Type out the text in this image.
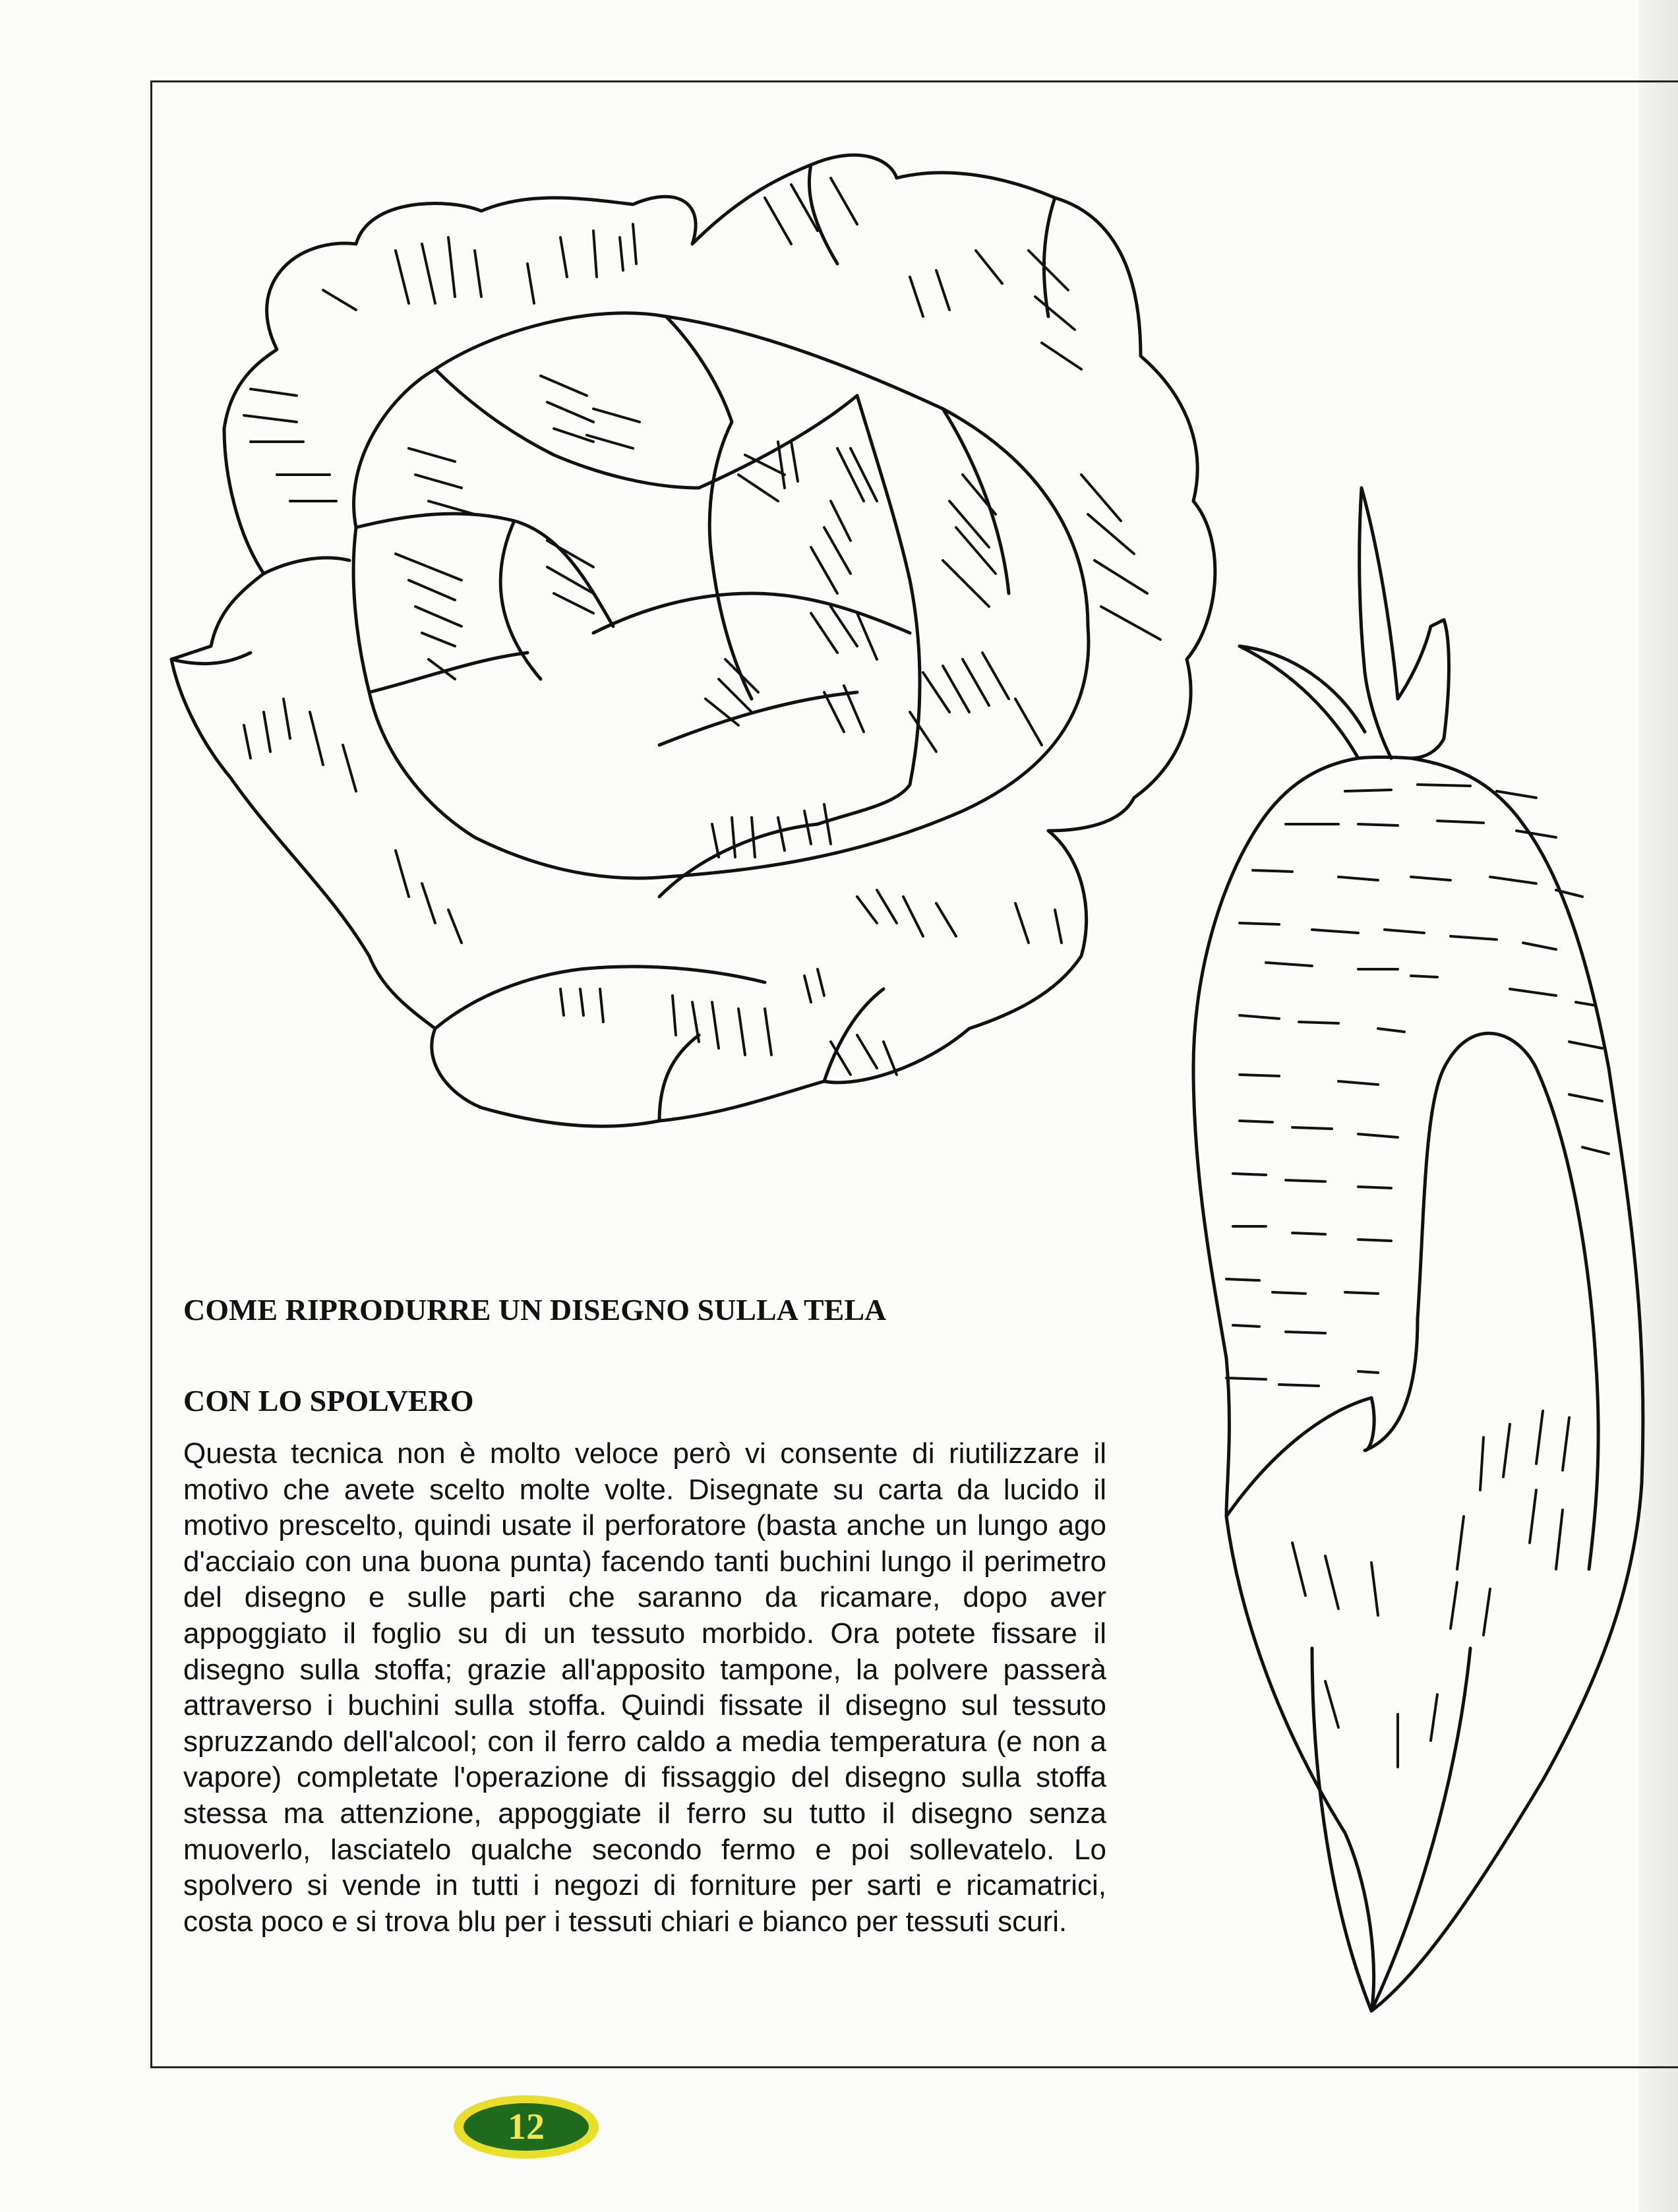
COME RIPRODURRE UN DISEGNO SULLA TELA
CON LO SPOLVERO

Questa tecnica non è molto veloce però vi consente di riutilizzare il motivo che avete scelto molte volte. Disegnate su carta da lucido il motivo prescelto, quindi usate il perforatore (basta anche un lungo ago d'acciaio con una buona punta) facendo tanti buchini lungo il perimetro del disegno e sulle parti che saranno da ricamare, dopo aver appoggiato il foglio su di un tessuto morbido. Ora potete fissare il disegno sulla stoffa; grazie all'apposito tampone, la polvere passerà attraverso i buchini sulla stoffa. Quindi fissate il disegno sul tessuto spruzzando dell'alcool; con il ferro caldo a media temperatura (e non a vapore) completate l'operazione di fissaggio del disegno sulla stoffa stessa ma attenzione, appoggiate il ferro su tutto il disegno senza muoverlo, lasciatelo qualche secondo fermo e poi sollevatelo. Lo spolvero si vende in tutti i negozi di forniture per sarti e ricamatrici, costa poco e si trova blu per i tessuti chiari e bianco per tessuti scuri.

12
